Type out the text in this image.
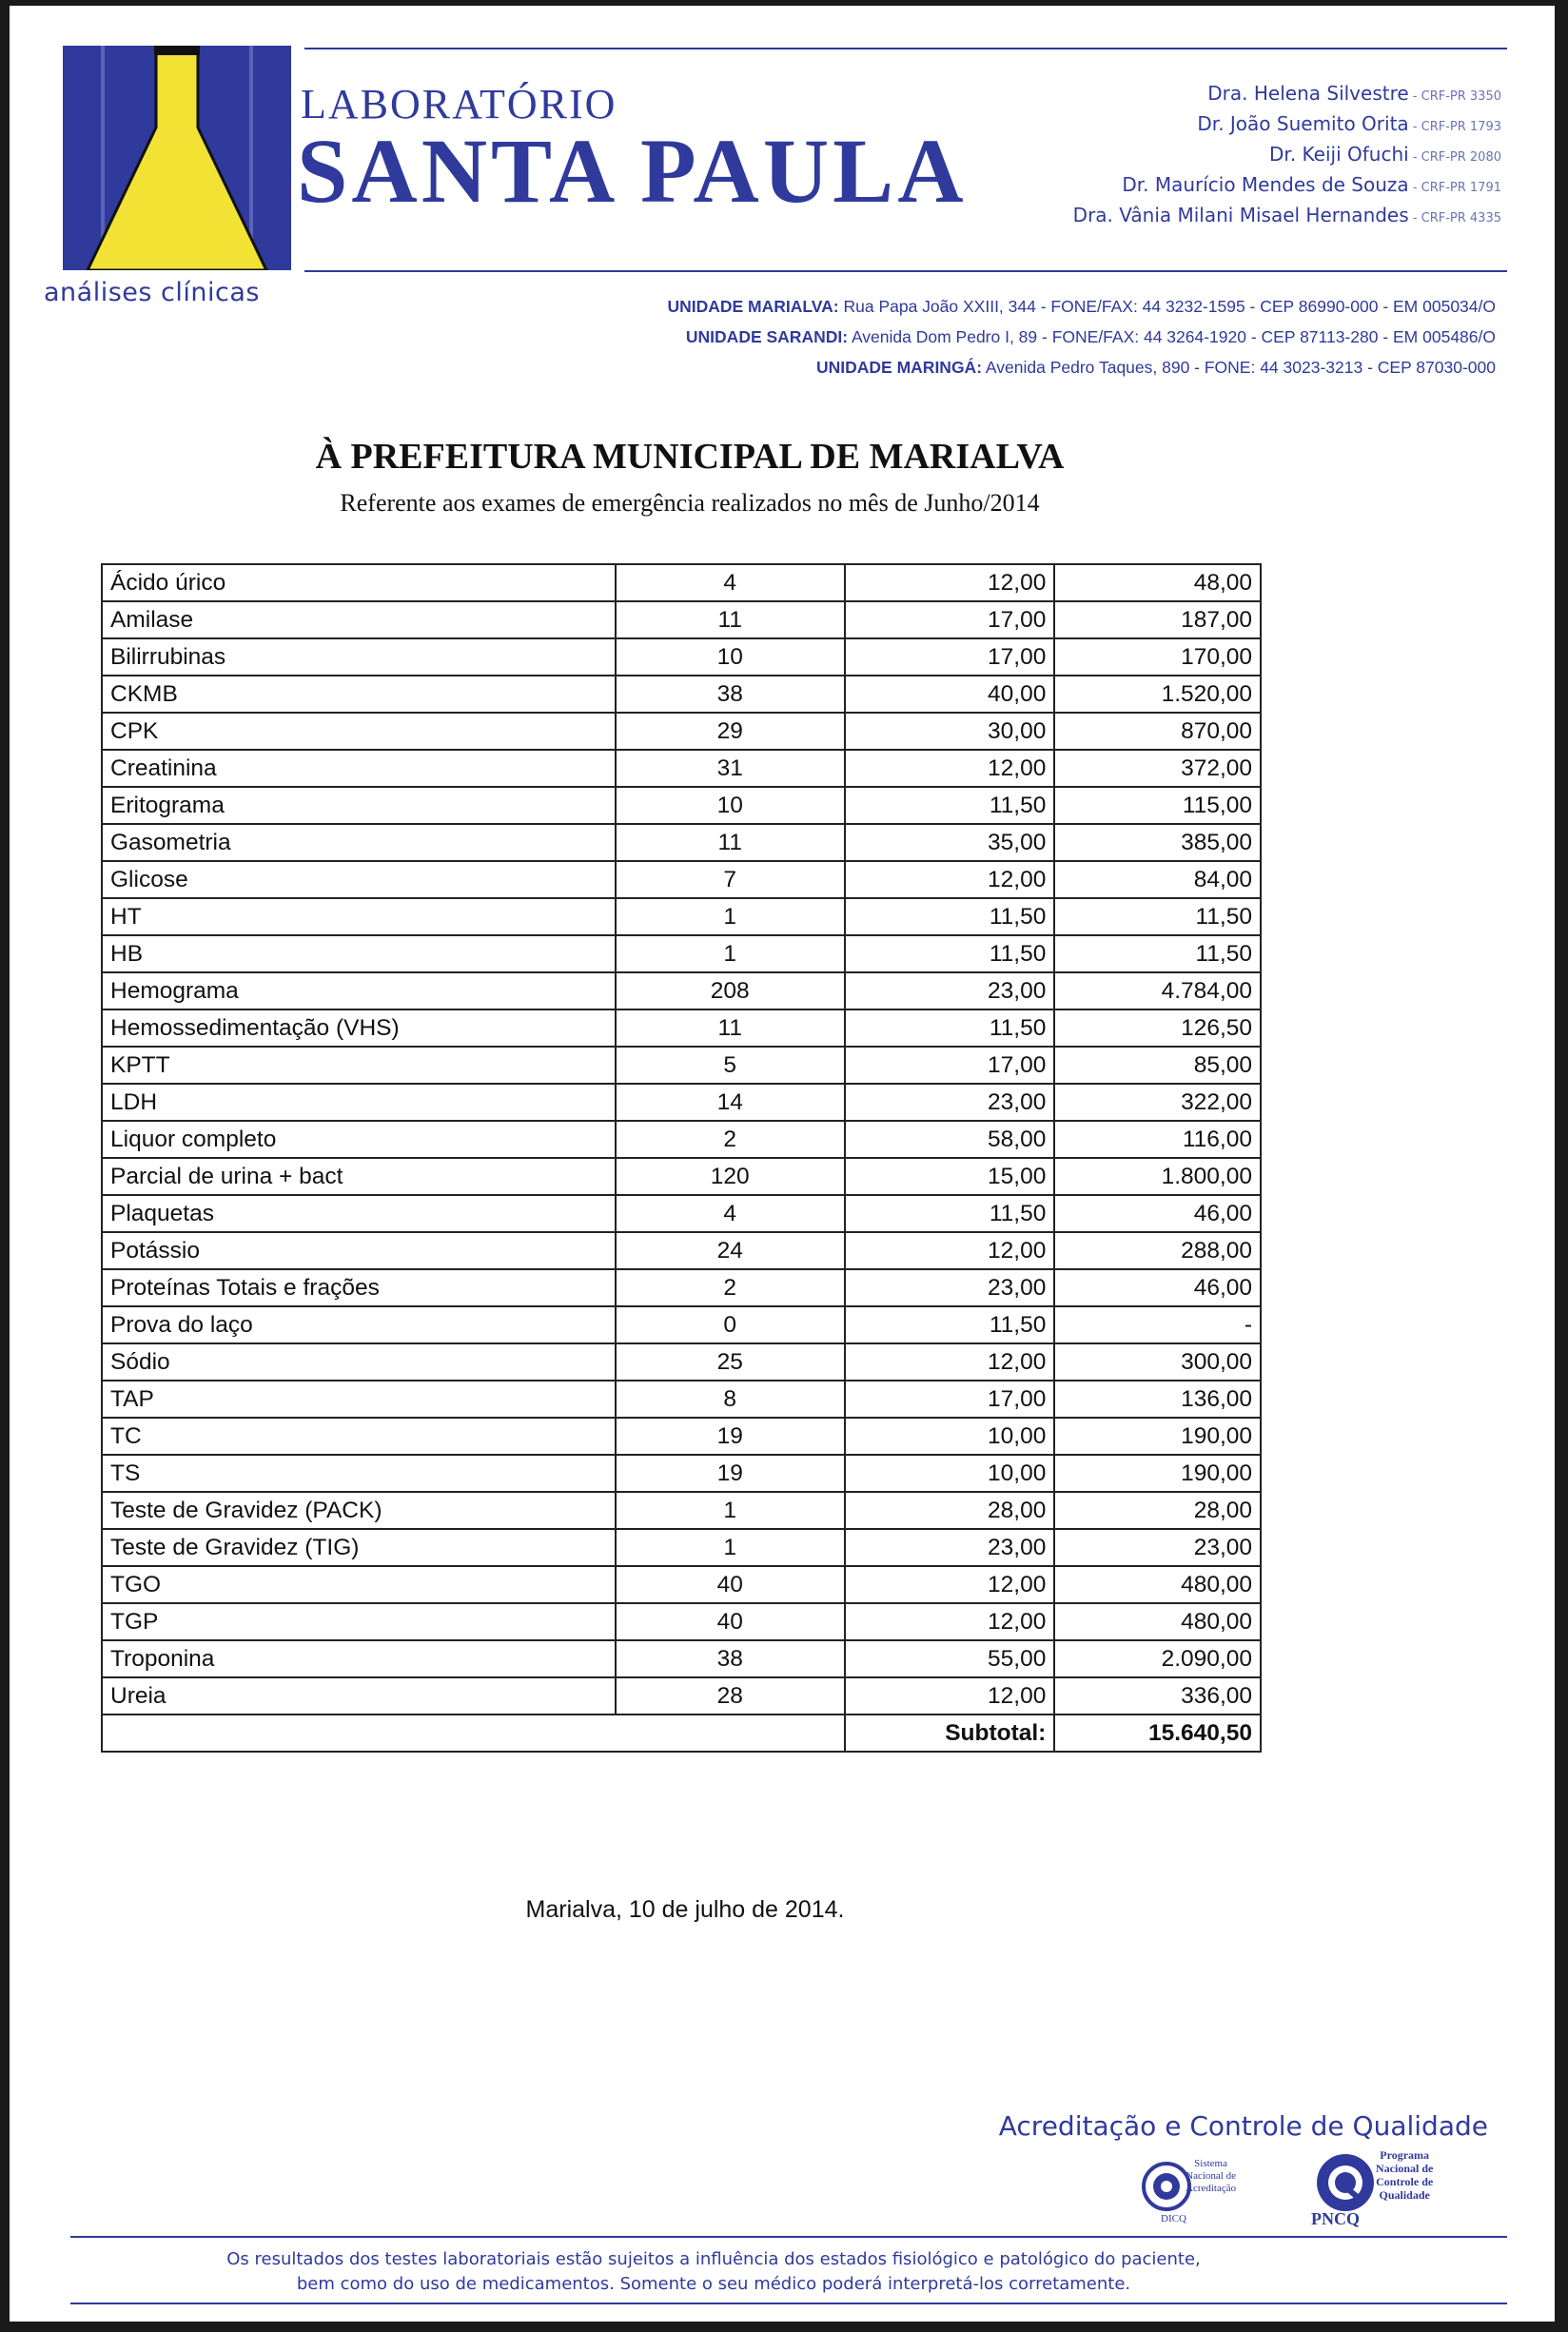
análises clínicas
LABORATÓRIO
SANTA PAULA
Dra. Helena Silvestre - CRF-PR 3350
Dr. João Suemito Orita - CRF-PR 1793
Dr. Keiji Ofuchi - CRF-PR 2080
Dr. Maurício Mendes de Souza - CRF-PR 1791
Dra. Vânia Milani Misael Hernandes - CRF-PR 4335
UNIDADE MARIALVA: Rua Papa João XXIII, 344 - FONE/FAX: 44 3232-1595 - CEP 86990-000 - EM 005034/O
UNIDADE SARANDI: Avenida Dom Pedro I, 89 - FONE/FAX: 44 3264-1920 - CEP 87113-280 - EM 005486/O
UNIDADE MARINGÁ: Avenida Pedro Taques, 890 - FONE: 44 3023-3213 - CEP 87030-000
À PREFEITURA MUNICIPAL DE MARIALVA
Referente aos exames de emergência realizados no mês de Junho/2014
Ácido úrico	4	12,00	48,00
Amilase	11	17,00	187,00
Bilirrubinas	10	17,00	170,00
CKMB	38	40,00	1.520,00
CPK	29	30,00	870,00
Creatinina	31	12,00	372,00
Eritograma	10	11,50	115,00
Gasometria	11	35,00	385,00
Glicose	7	12,00	84,00
HT	1	11,50	11,50
HB	1	11,50	11,50
Hemograma	208	23,00	4.784,00
Hemossedimentação (VHS)	11	11,50	126,50
KPTT	5	17,00	85,00
LDH	14	23,00	322,00
Liquor completo	2	58,00	116,00
Parcial de urina + bact	120	15,00	1.800,00
Plaquetas	4	11,50	46,00
Potássio	24	12,00	288,00
Proteínas Totais e frações	2	23,00	46,00
Prova do laço	0	11,50	-
Sódio	25	12,00	300,00
TAP	8	17,00	136,00
TC	19	10,00	190,00
TS	19	10,00	190,00
Teste de Gravidez (PACK)	1	28,00	28,00
Teste de Gravidez (TIG)	1	23,00	23,00
TGO	40	12,00	480,00
TGP	40	12,00	480,00
Troponina	38	55,00	2.090,00
Ureia	28	12,00	336,00
		Subtotal:	15.640,50
Marialva, 10 de julho de 2014.
Acreditação e Controle de Qualidade
Sistema
Nacional de
Acreditação
DICQ
Programa
Nacional de
Controle de
Qualidade
PNCQ
Os resultados dos testes laboratoriais estão sujeitos a influência dos estados fisiológico e patológico do paciente,
bem como do uso de medicamentos. Somente o seu médico poderá interpretá-los corretamente.
